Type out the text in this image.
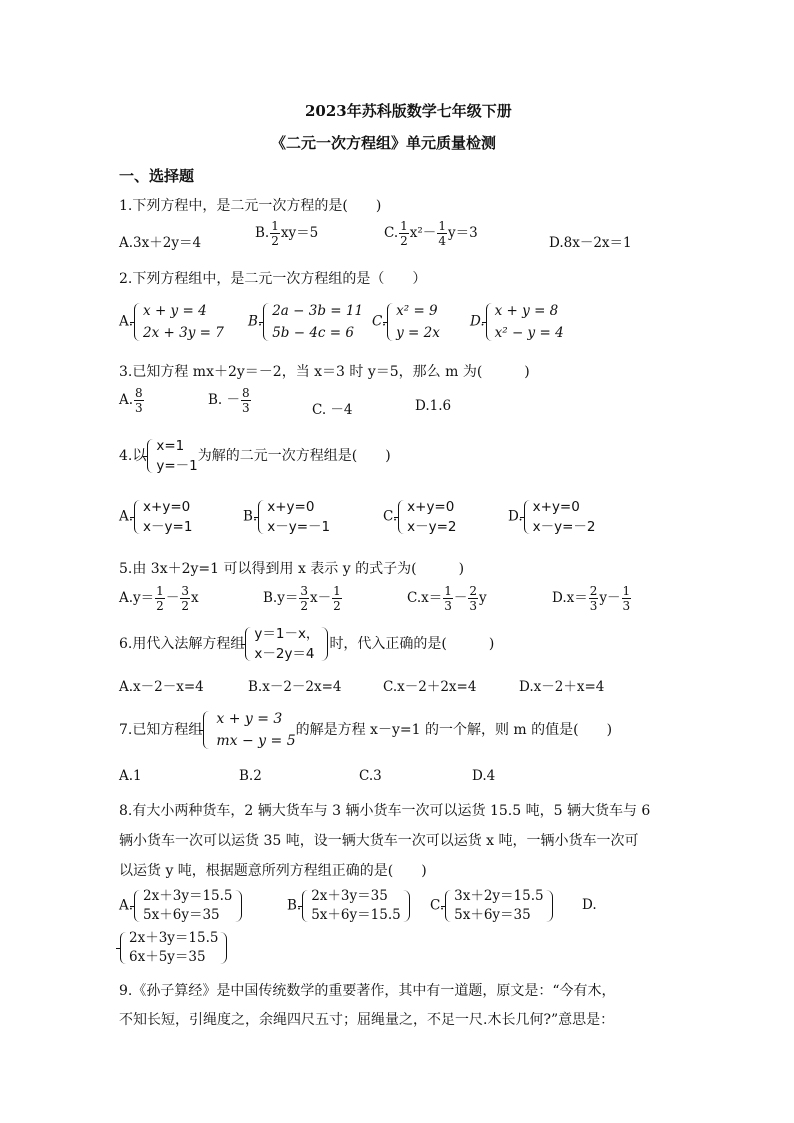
2023年苏科版数学七年级下册
《二元一次方程组》单元质量检测
一、选择题
1.下列方程中，是二元一次方程的是(　　)
A.3x＋2y＝4
B. $\frac{1}{2} xy=5$	C. $\frac{1}{2} x^2- \frac{1}{4} y=3$
D.8x－2x＝1
2.下列方程组中，是二元一次方程组的是（　　）
A.
x + y = 4
2x + 3y = 7
B.
2a − 3b = 11
5b − 4c = 6
C.
x² = 9
y = 2x
D.
x + y = 8
x² − y = 4
3.已知方程 mx＋2y＝－2，当 x＝3 时 y＝5，那么 m 为(　　　)
A. $\frac{8}{3}$	B. － $\frac{8}{3}$	C. －4	D.1.6
4.以
x=1
y=－1
为解的二元一次方程组是(　　)
A.
x+y=0
x－y=1
B.
x+y=0
x－y=－1
C.
x+y=0
x－y=2
D.
x+y=0
x－y=－2
5.由 3x＋2y=1 可以得到用 x 表示 y 的式子为(　　　)
$A.y= \frac{1}{2} - \frac{3}{2}$ x	$B.y= \frac{3}{2} x- \frac{1}{2}$	$C.x= \frac{1}{3} - \frac{2}{3}$ y	$D.x= \frac{2}{3} y- \frac{1}{3}$
6.用代入法解方程组
y＝1－x，
x－2y＝4
时，代入正确的是(　　　)
A.x－2－x=4	B.x－2－2x=4	C.x－2＋2x=4	D.x－2＋x=4
7.已知方程组
x + y = 3
mx − y = 5
的解是方程 x－y=1 的一个解，则 m 的值是(　　)
A.1	B.2	C.3	D.4
8.有大小两种货车，2 辆大货车与 3 辆小货车一次可以运货 15.5 吨，5 辆大货车与 6
辆小货车一次可以运货 35 吨，设一辆大货车一次可以运货 x 吨，一辆小货车一次可
以运货 y 吨，根据题意所列方程组正确的是(　　)
A.
2x＋3y＝15.5
5x＋6y＝35
B.
2x＋3y＝35
5x＋6y＝15.5
C.
3x＋2y＝15.5
5x＋6y＝35
D.
2x＋3y＝15.5
6x＋5y＝35
9.《孙子算经》是中国传统数学的重要著作，其中有一道题，原文是：“今有木，
不知长短，引绳度之，余绳四尺五寸；屈绳量之，不足一尺.木长几何?”意思是：
